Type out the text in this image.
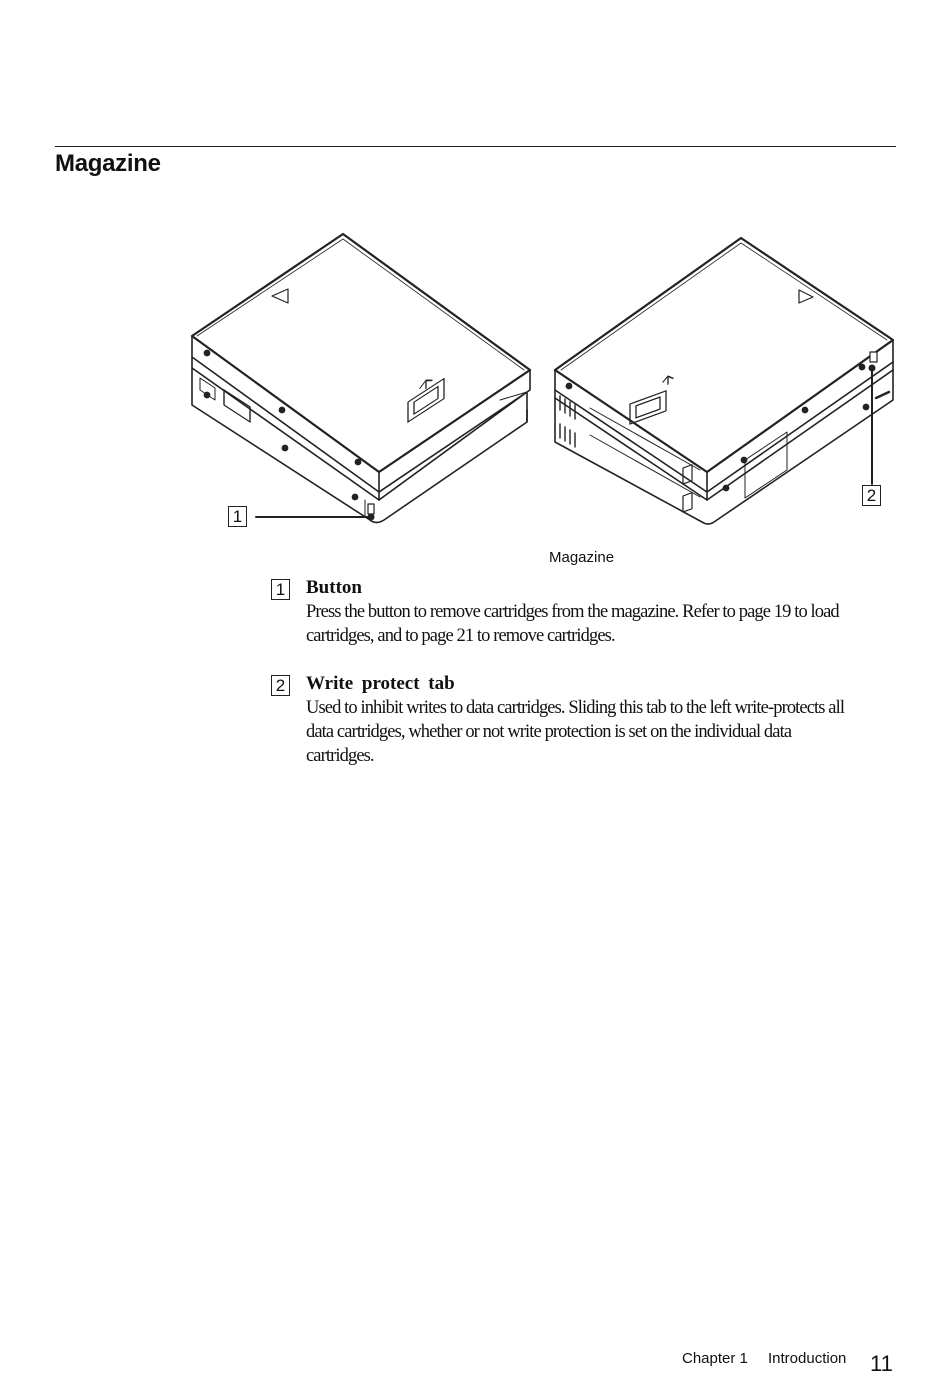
Magazine
1
2
Magazine
1 Button
Press the button to remove cartridges from the magazine. Refer to page 19 to load cartridges, and to page 21 to remove cartridges.
2 Write protect tab
Used to inhibit writes to data cartridges. Sliding this tab to the left write-protects all data cartridges, whether or not write protection is set on the individual data cartridges.
Chapter 1 Introduction 11
